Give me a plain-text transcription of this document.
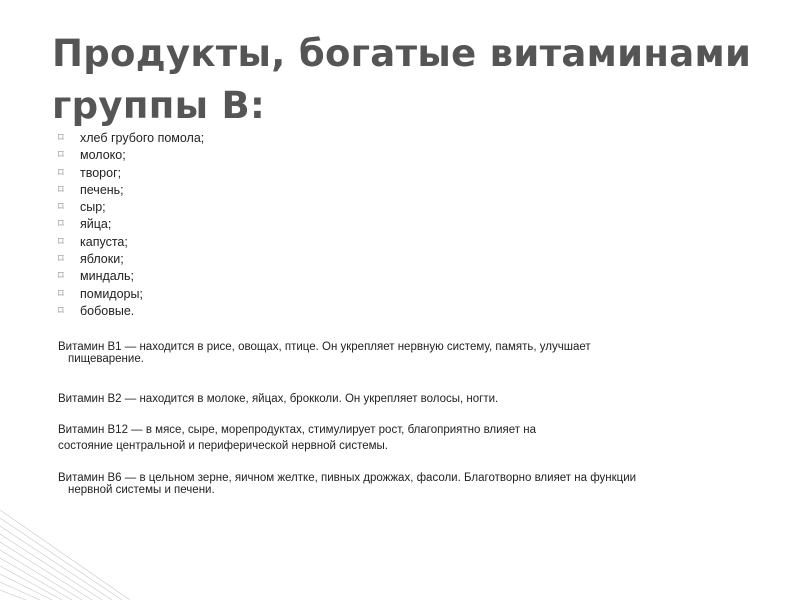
Продукты, богатые витаминами группы В:
⌑ хлеб грубого помола;
⌑ молоко;
⌑ творог;
⌑ печень;
⌑ сыр;
⌑ яйца;
⌑ капуста;
⌑ яблоки;
⌑ миндаль;
⌑ помидоры;
⌑ бобовые.
Витамин В1 — находится в рисе, овощах, птице. Он укрепляет нервную систему, память, улучшает
пищеварение.
Витамин В2 — находится в молоке, яйцах, брокколи. Он укрепляет волосы, ногти.
Витамин В12 — в мясе, сыре, морепродуктах, стимулирует рост, благоприятно влияет на
состояние центральной и периферической нервной системы.
Витамин В6 — в цельном зерне, яичном желтке, пивных дрожжах, фасоли. Благотворно влияет на функции
нервной системы и печени.
